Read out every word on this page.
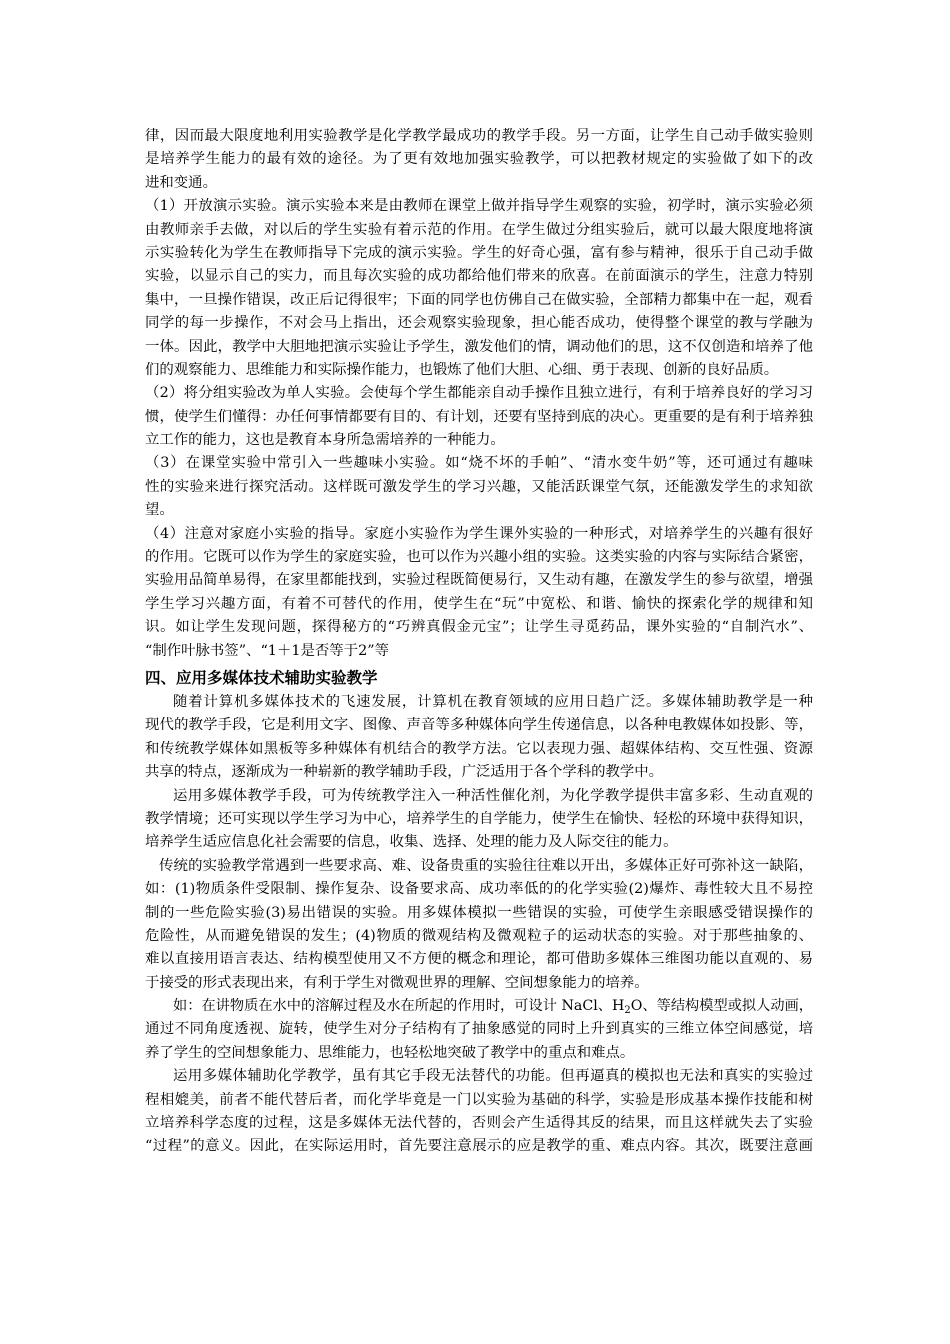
律，因而最大限度地利用实验教学是化学教学最成功的教学手段。另一方面，让学生自己动手做实验则
是培养学生能力的最有效的途径。为了更有效地加强实验教学，可以把教材规定的实验做了如下的改
进和变通。
（1）开放演示实验。演示实验本来是由教师在课堂上做并指导学生观察的实验，初学时，演示实验必须
由教师亲手去做，对以后的学生实验有着示范的作用。在学生做过分组实验后，就可以最大限度地将演
示实验转化为学生在教师指导下完成的演示实验。学生的好奇心强，富有参与精神，很乐于自己动手做
实验，以显示自己的实力，而且每次实验的成功都给他们带来的欣喜。在前面演示的学生，注意力特别
集中，一旦操作错误，改正后记得很牢；下面的同学也仿佛自己在做实验，全部精力都集中在一起，观看
同学的每一步操作，不对会马上指出，还会观察实验现象，担心能否成功，使得整个课堂的教与学融为
一体。因此，教学中大胆地把演示实验让予学生，激发他们的情，调动他们的思，这不仅创造和培养了他
们的观察能力、思维能力和实际操作能力，也锻炼了他们大胆、心细、勇于表现、创新的良好品质。
（2）将分组实验改为单人实验。会使每个学生都能亲自动手操作且独立进行，有利于培养良好的学习习
惯，使学生们懂得：办任何事情都要有目的、有计划，还要有坚持到底的决心。更重要的是有利于培养独
立工作的能力，这也是教育本身所急需培养的一种能力。
（3）在课堂实验中常引入一些趣味小实验。如“烧不坏的手帕”、“清水变牛奶”等，还可通过有趣味
性的实验来进行探究活动。这样既可激发学生的学习兴趣，又能活跃课堂气氛，还能激发学生的求知欲
望。
（4）注意对家庭小实验的指导。家庭小实验作为学生课外实验的一种形式，对培养学生的兴趣有很好
的作用。它既可以作为学生的家庭实验，也可以作为兴趣小组的实验。这类实验的内容与实际结合紧密，
实验用品简单易得，在家里都能找到，实验过程既简便易行，又生动有趣，在激发学生的参与欲望，增强
学生学习兴趣方面，有着不可替代的作用，使学生在“玩”中宽松、和谐、愉快的探索化学的规律和知
识。如让学生发现问题，探得秘方的“巧辨真假金元宝”；让学生寻觅药品，课外实验的“自制汽水”、
“制作叶脉书签”、“1＋1是否等于2”等
四、应用多媒体技术辅助实验教学
随着计算机多媒体技术的飞速发展，计算机在教育领域的应用日趋广泛。多媒体辅助教学是一种
现代的教学手段，它是利用文字、图像、声音等多种媒体向学生传递信息，以各种电教媒体如投影、等，
和传统教学媒体如黑板等多种媒体有机结合的教学方法。它以表现力强、超媒体结构、交互性强、资源
共享的特点，逐渐成为一种崭新的教学辅助手段，广泛适用于各个学科的教学中。
运用多媒体教学手段，可为传统教学注入一种活性催化剂，为化学教学提供丰富多彩、生动直观的
教学情境；还可实现以学生学习为中心，培养学生的自学能力，使学生在愉快、轻松的环境中获得知识，
培养学生适应信息化社会需要的信息，收集、选择、处理的能力及人际交往的能力。
传统的实验教学常遇到一些要求高、难、设备贵重的实验往往难以开出，多媒体正好可弥补这一缺陷，
如：(1)物质条件受限制、操作复杂、设备要求高、成功率低的的化学实验(2)爆炸、毒性较大且不易控
制的一些危险实验(3)易出错误的实验。用多媒体模拟一些错误的实验，可使学生亲眼感受错误操作的
危险性，从而避免错误的发生；(4)物质的微观结构及微观粒子的运动状态的实验。对于那些抽象的、
难以直接用语言表达、结构模型使用又不方便的概念和理论，都可借助多媒体三维图功能以直观的、易
于接受的形式表现出来，有利于学生对微观世界的理解、空间想象能力的培养。
如：在讲物质在水中的溶解过程及水在所起的作用时，可设计 NaCl、$H_2O$、等结构模型或拟人动画，
通过不同角度透视、旋转，使学生对分子结构有了抽象感觉的同时上升到真实的三维立体空间感觉，培
养了学生的空间想象能力、思维能力，也轻松地突破了教学中的重点和难点。
运用多媒体辅助化学教学，虽有其它手段无法替代的功能。但再逼真的模拟也无法和真实的实验过
程相媲美，前者不能代替后者，而化学毕竟是一门以实验为基础的科学，实验是形成基本操作技能和树
立培养科学态度的过程，这是多媒体无法代替的，否则会产生适得其反的结果，而且这样就失去了实验
“过程”的意义。因此，在实际运用时，首先要注意展示的应是教学的重、难点内容。其次，既要注意画
